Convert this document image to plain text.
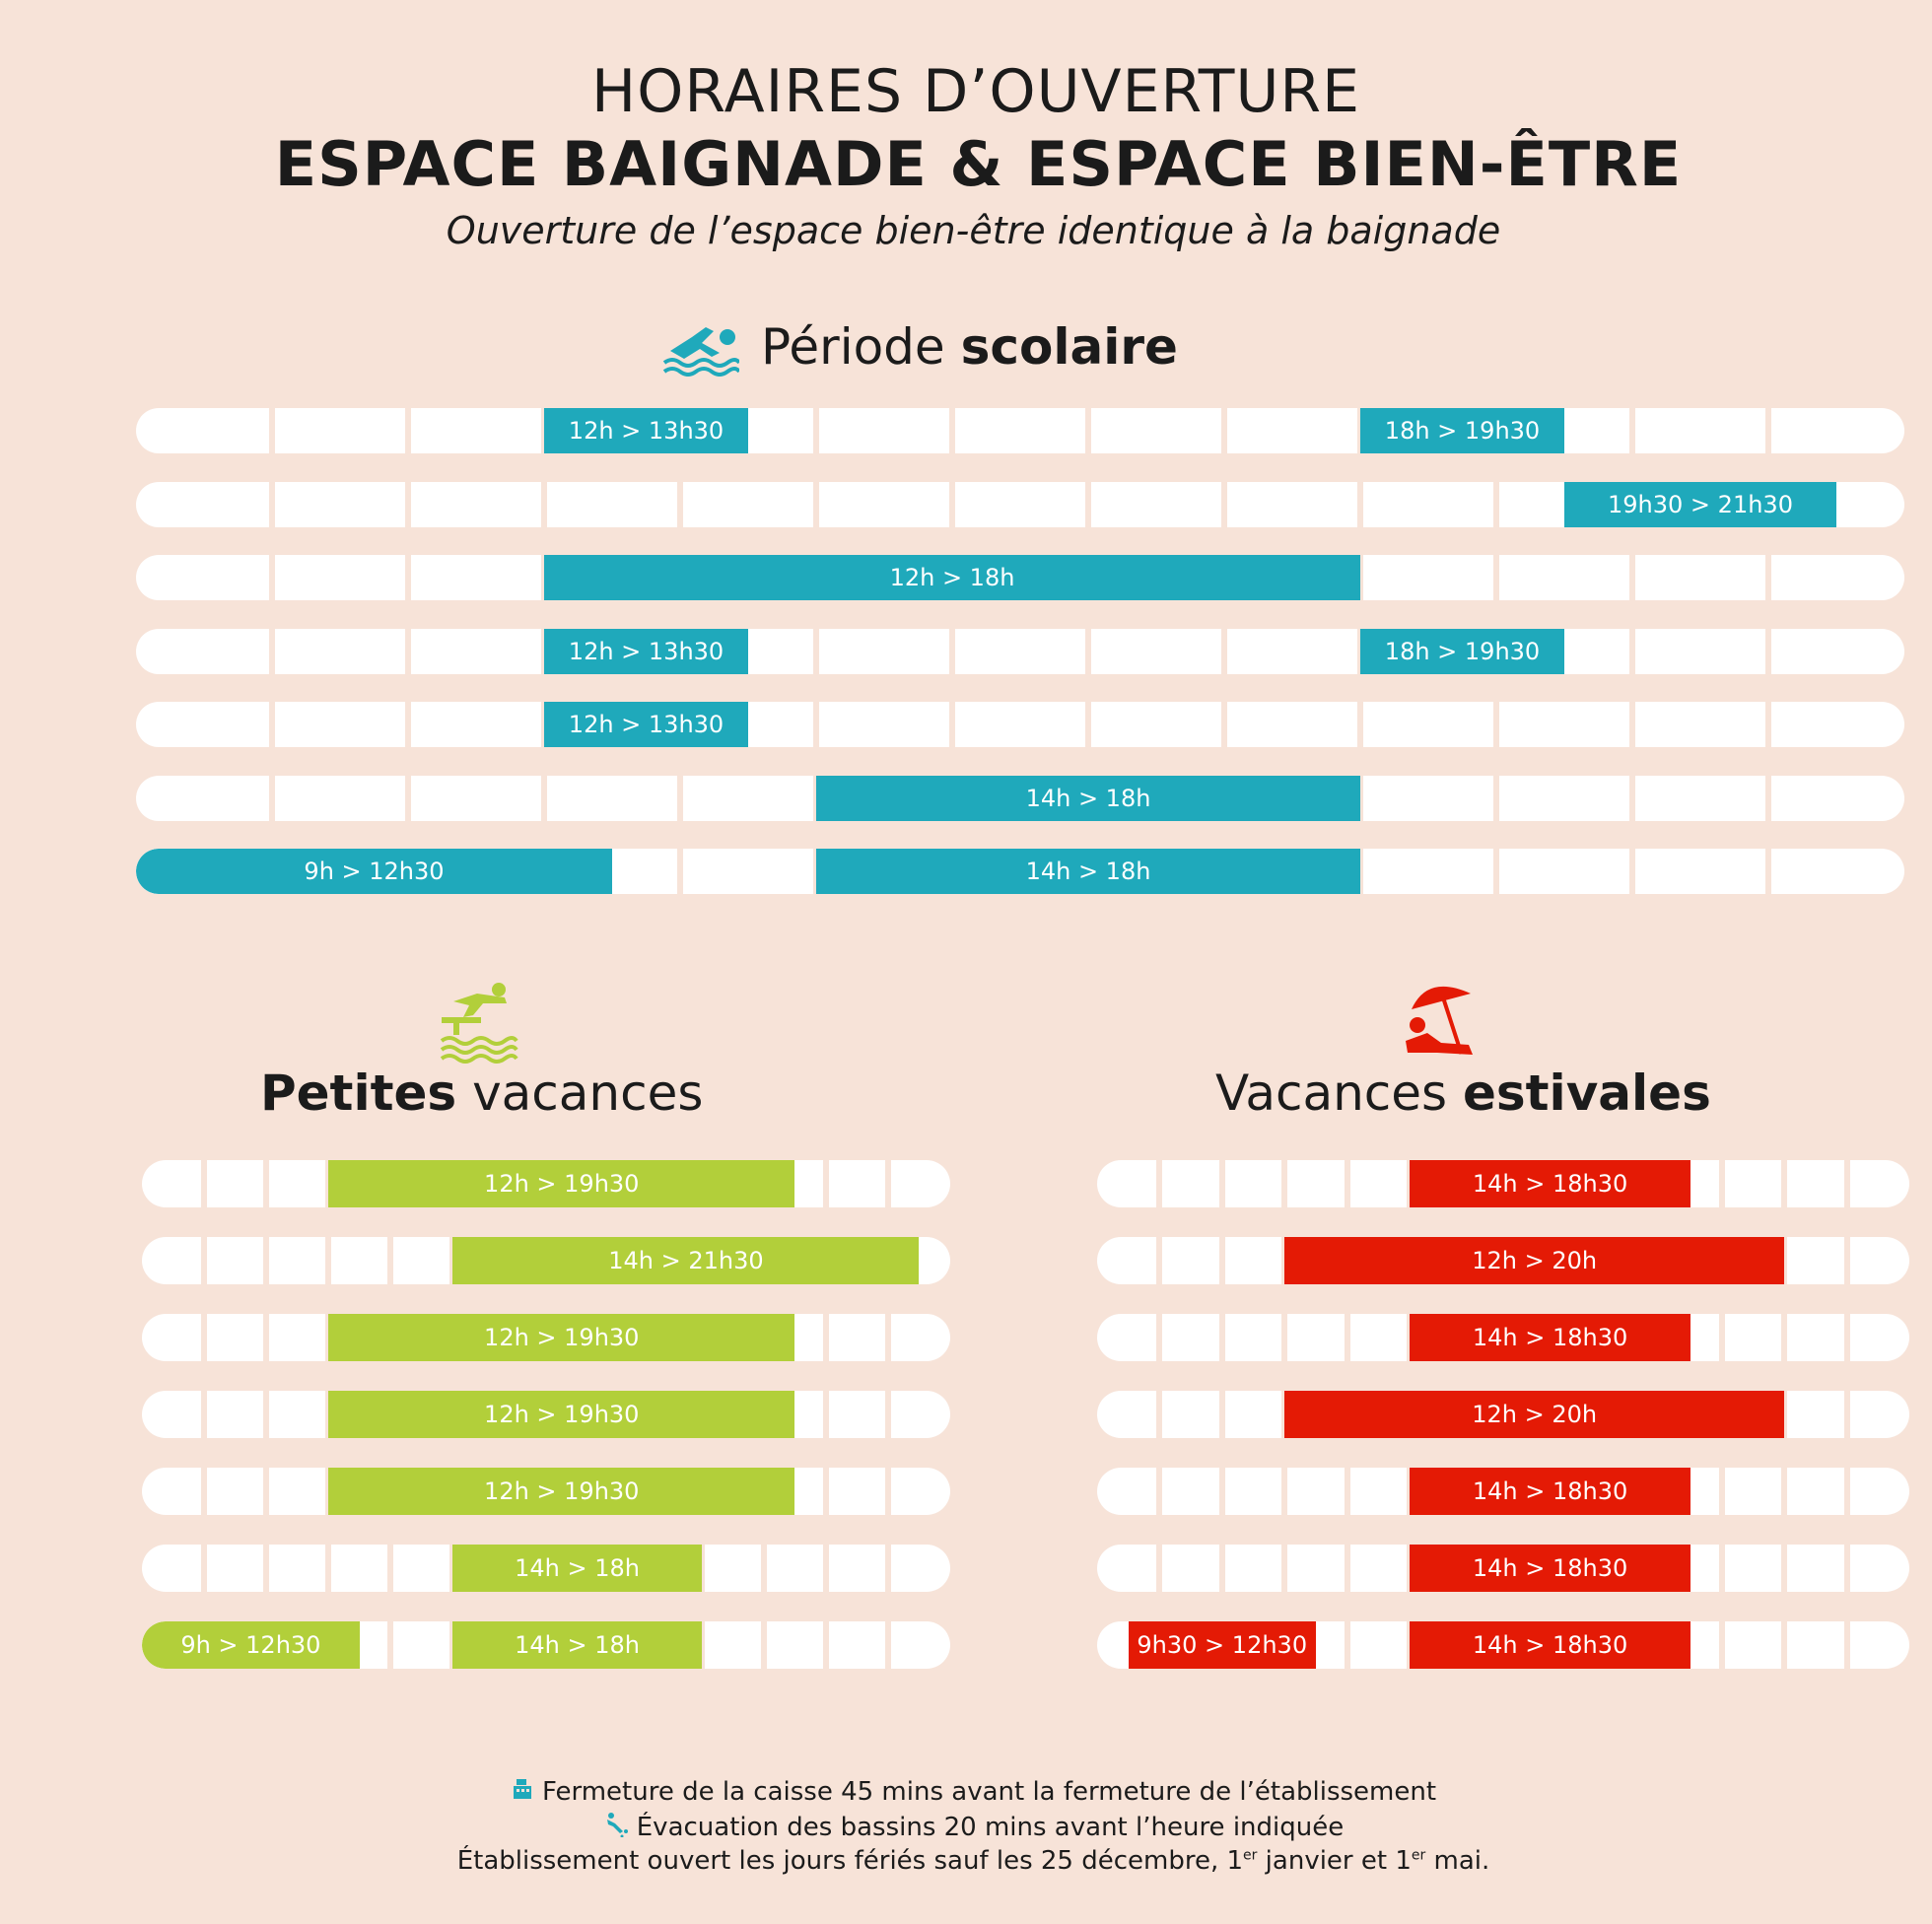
HORAIRES D’OUVERTURE
ESPACE BAIGNADE & ESPACE BIEN-ÊTRE
Ouverture de l’espace bien-être identique à la baignade
Période scolaire
12h > 13h30	18h > 19h30
19h30 > 21h30
12h > 18h
12h > 13h30	18h > 19h30
12h > 13h30
14h > 18h
9h > 12h30	14h > 18h
Petites vacances
12h > 19h30
14h > 21h30
12h > 19h30
12h > 19h30
12h > 19h30
14h > 18h
9h > 12h30	14h > 18h
Vacances estivales
14h > 18h30
12h > 20h
14h > 18h30
12h > 20h
14h > 18h30
14h > 18h30
9h30 > 12h30	14h > 18h30
Fermeture de la caisse 45 mins avant la fermeture de l’établissement
Évacuation des bassins 20 mins avant l’heure indiquée
Établissement ouvert les jours fériés sauf les 25 décembre, 1er janvier et 1er mai.
